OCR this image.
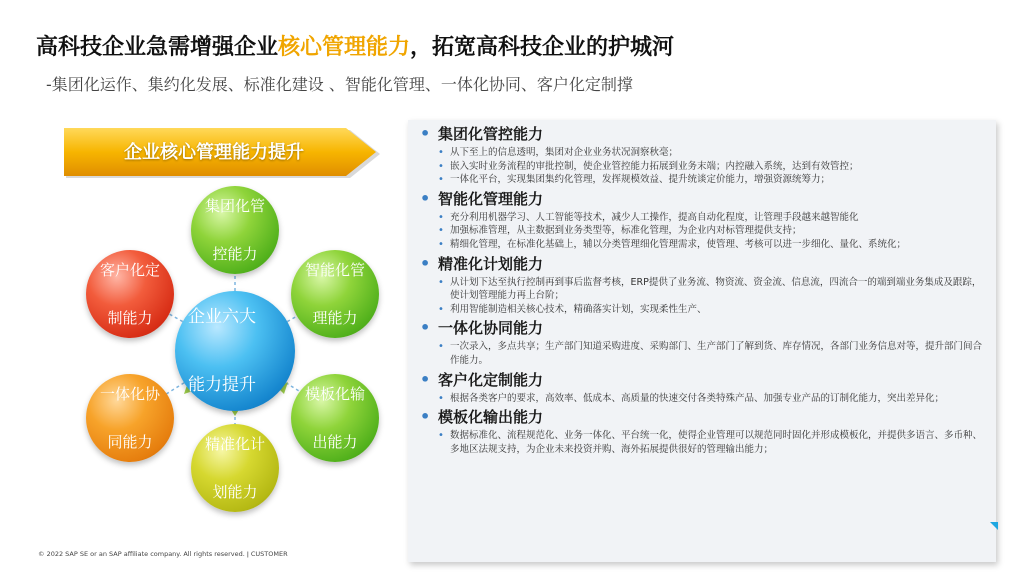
高科技企业急需增强企业核心管理能力，拓宽高科技企业的护城河
-集团化运作、集约化发展、标准化建设 、智能化管理、一体化协同、客户化定制撑
企业核心管理能力提升
集团化管

控能力
智能化管

理能力
模板化输

出能力
精准化计

划能力
一体化协

同能力
客户化定

制能力	企业六大

能力提升
• 集团化管控能力
• 从下至上的信息透明，集团对企业业务状况洞察秋毫；
• 嵌入实时业务流程的审批控制，使企业管控能力拓展到业务末端；内控融入系统，达到有效管控；
• 一体化平台，实现集团集约化管理，发挥规模效益、提升统谈定价能力，增强资源统筹力；
• 智能化管理能力
• 充分利用机器学习、人工智能等技术，减少人工操作，提高自动化程度，让管理手段越来越智能化
• 加强标准管理，从主数据到业务类型等，标准化管理，为企业内对标管理提供支持；
• 精细化管理，在标准化基础上，辅以分类管理细化管理需求，使管理、考核可以进一步细化、量化、系统化；
• 精准化计划能力
• 从计划下达至执行控制再到事后监督考核，ERP提供了业务流、物资流、资金流、信息流，四流合一的端到端业务集成及跟踪，使计划管理能力再上台阶；
• 利用智能制造相关核心技术，精确落实计划，实现柔性生产、
• 一体化协同能力
• 一次录入，多点共享；生产部门知道采购进度、采购部门、生产部门了解到货、库存情况，各部门业务信息对等，提升部门间合作能力。
• 客户化定制能力
• 根据各类客户的要求，高效率、低成本、高质量的快速交付各类特殊产品、加强专业产品的订制化能力，突出差异化；
• 模板化输出能力
• 数据标准化、流程规范化、业务一体化、平台统一化，使得企业管理可以规范同时固化并形成模板化，并提供多语言、多币种、多地区法规支持，为企业未来投资并购、海外拓展提供很好的管理输出能力；
© 2022 SAP SE or an SAP affiliate company. All rights reserved. ǀ CUSTOMER
